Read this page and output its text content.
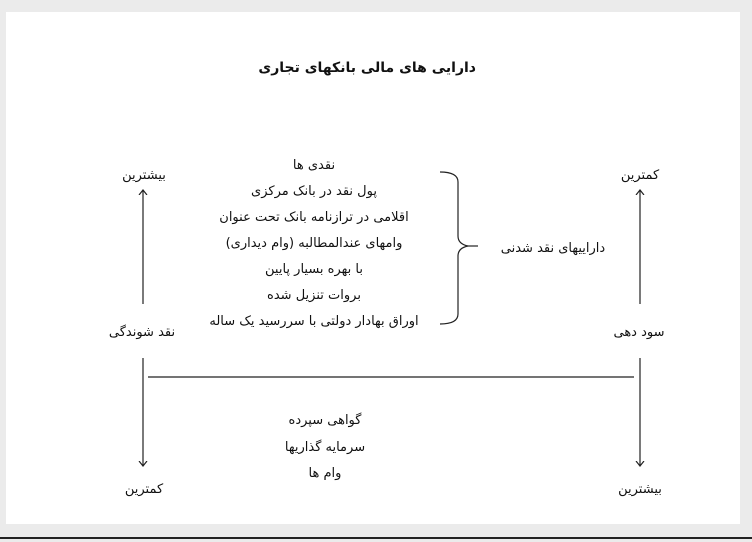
دارایی های مالی بانکهای تجاری
بیشترین
نقد شوندگی
کمترین
کمترین
سود دهی
بیشترین
داراییهای نقد شدنی
نقدی ها
پول نقد در بانک مرکزی
اقلامی در ترازنامه بانک تحت عنوان
وامهای عندالمطالبه (وام دیداری)
با بهره بسیار پایین
بروات تنزیل شده
اوراق بهادار دولتی با سررسید یک ساله
گواهی سپرده
سرمایه گذاریها
وام ها
